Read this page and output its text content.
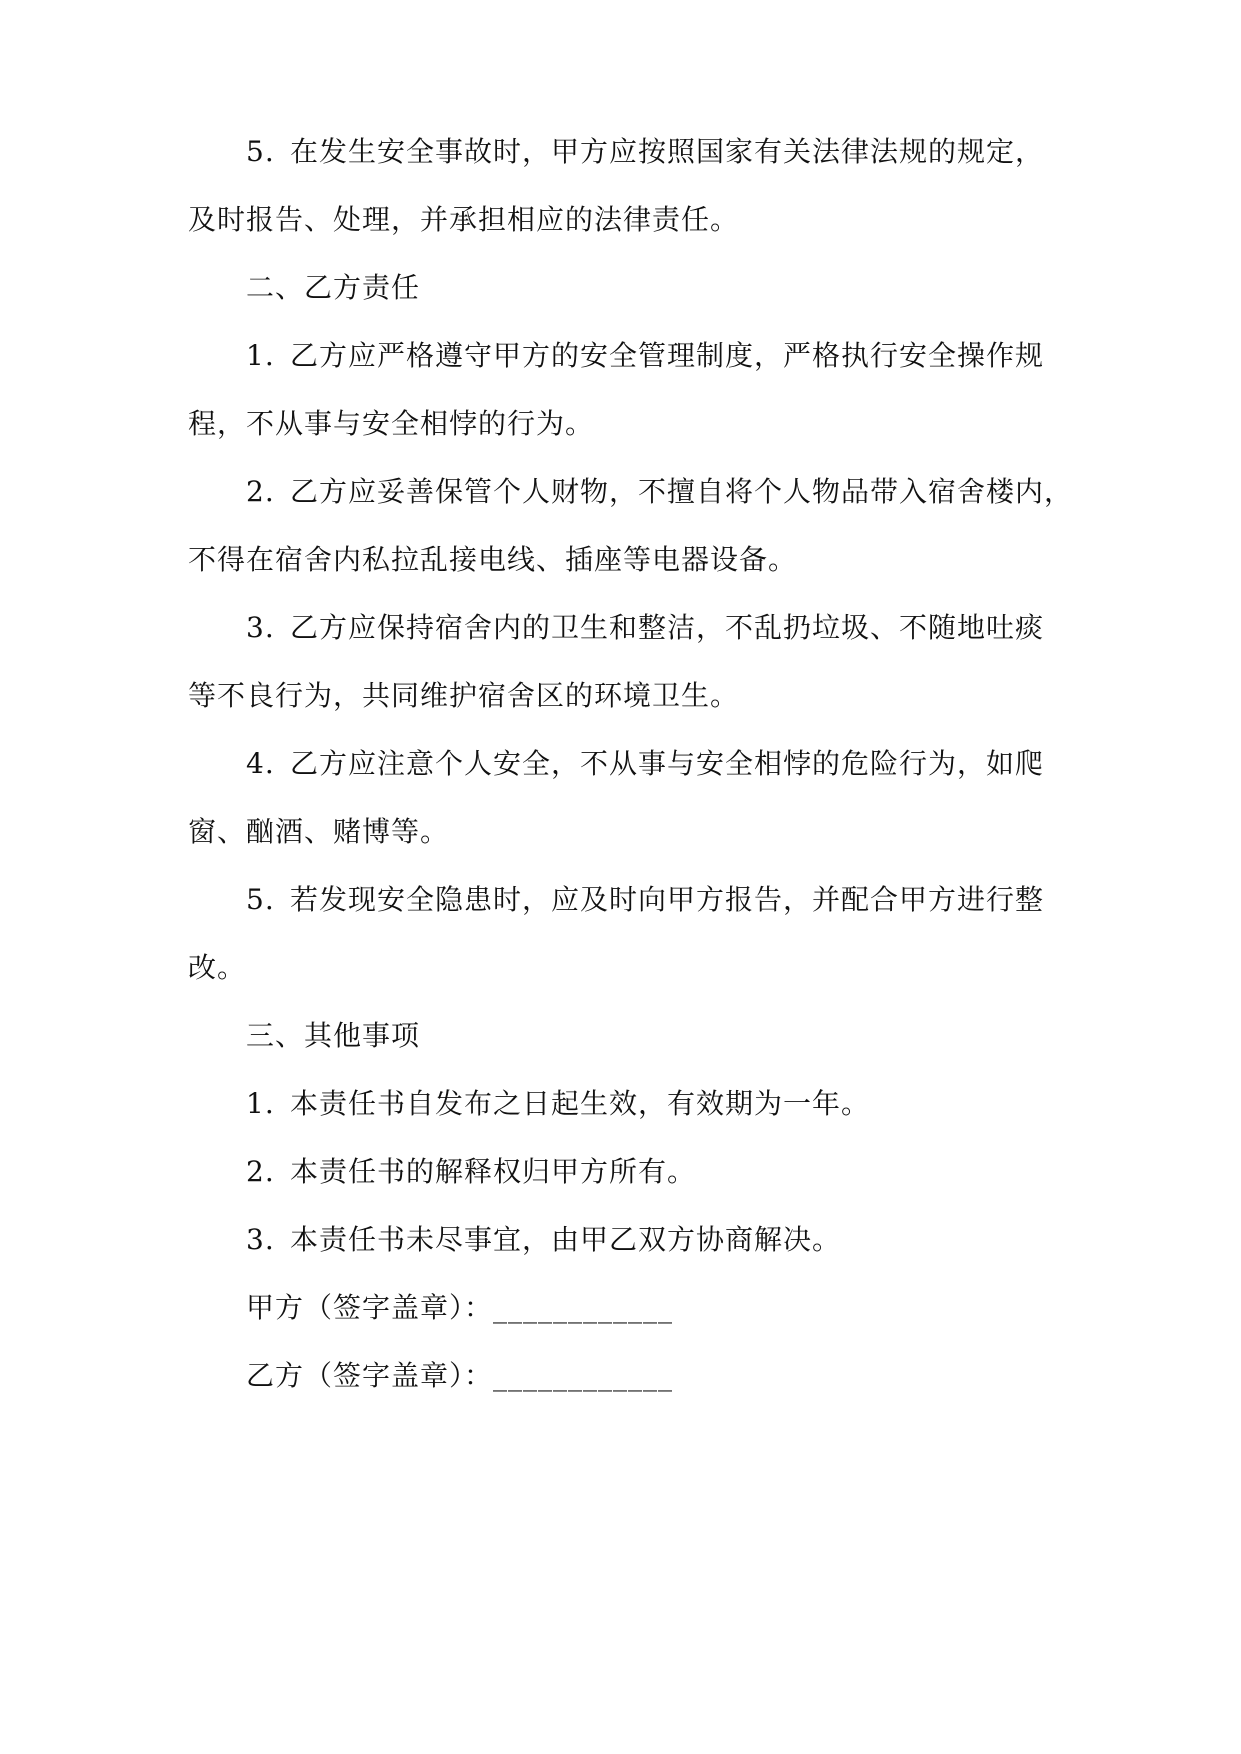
5. 在发生安全事故时，甲方应按照国家有关法律法规的规定，
及时报告、处理，并承担相应的法律责任。
二、乙方责任
1. 乙方应严格遵守甲方的安全管理制度，严格执行安全操作规
程，不从事与安全相悖的行为。
2. 乙方应妥善保管个人财物，不擅自将个人物品带入宿舍楼内，
不得在宿舍内私拉乱接电线、插座等电器设备。
3. 乙方应保持宿舍内的卫生和整洁，不乱扔垃圾、不随地吐痰
等不良行为，共同维护宿舍区的环境卫生。
4. 乙方应注意个人安全，不从事与安全相悖的危险行为，如爬
窗、酗酒、赌博等。
5. 若发现安全隐患时，应及时向甲方报告，并配合甲方进行整
改。
三、其他事项
1. 本责任书自发布之日起生效，有效期为一年。
2. 本责任书的解释权归甲方所有。
3. 本责任书未尽事宜，由甲乙双方协商解决。
甲方（签字盖章）：____________
乙方（签字盖章）：____________
